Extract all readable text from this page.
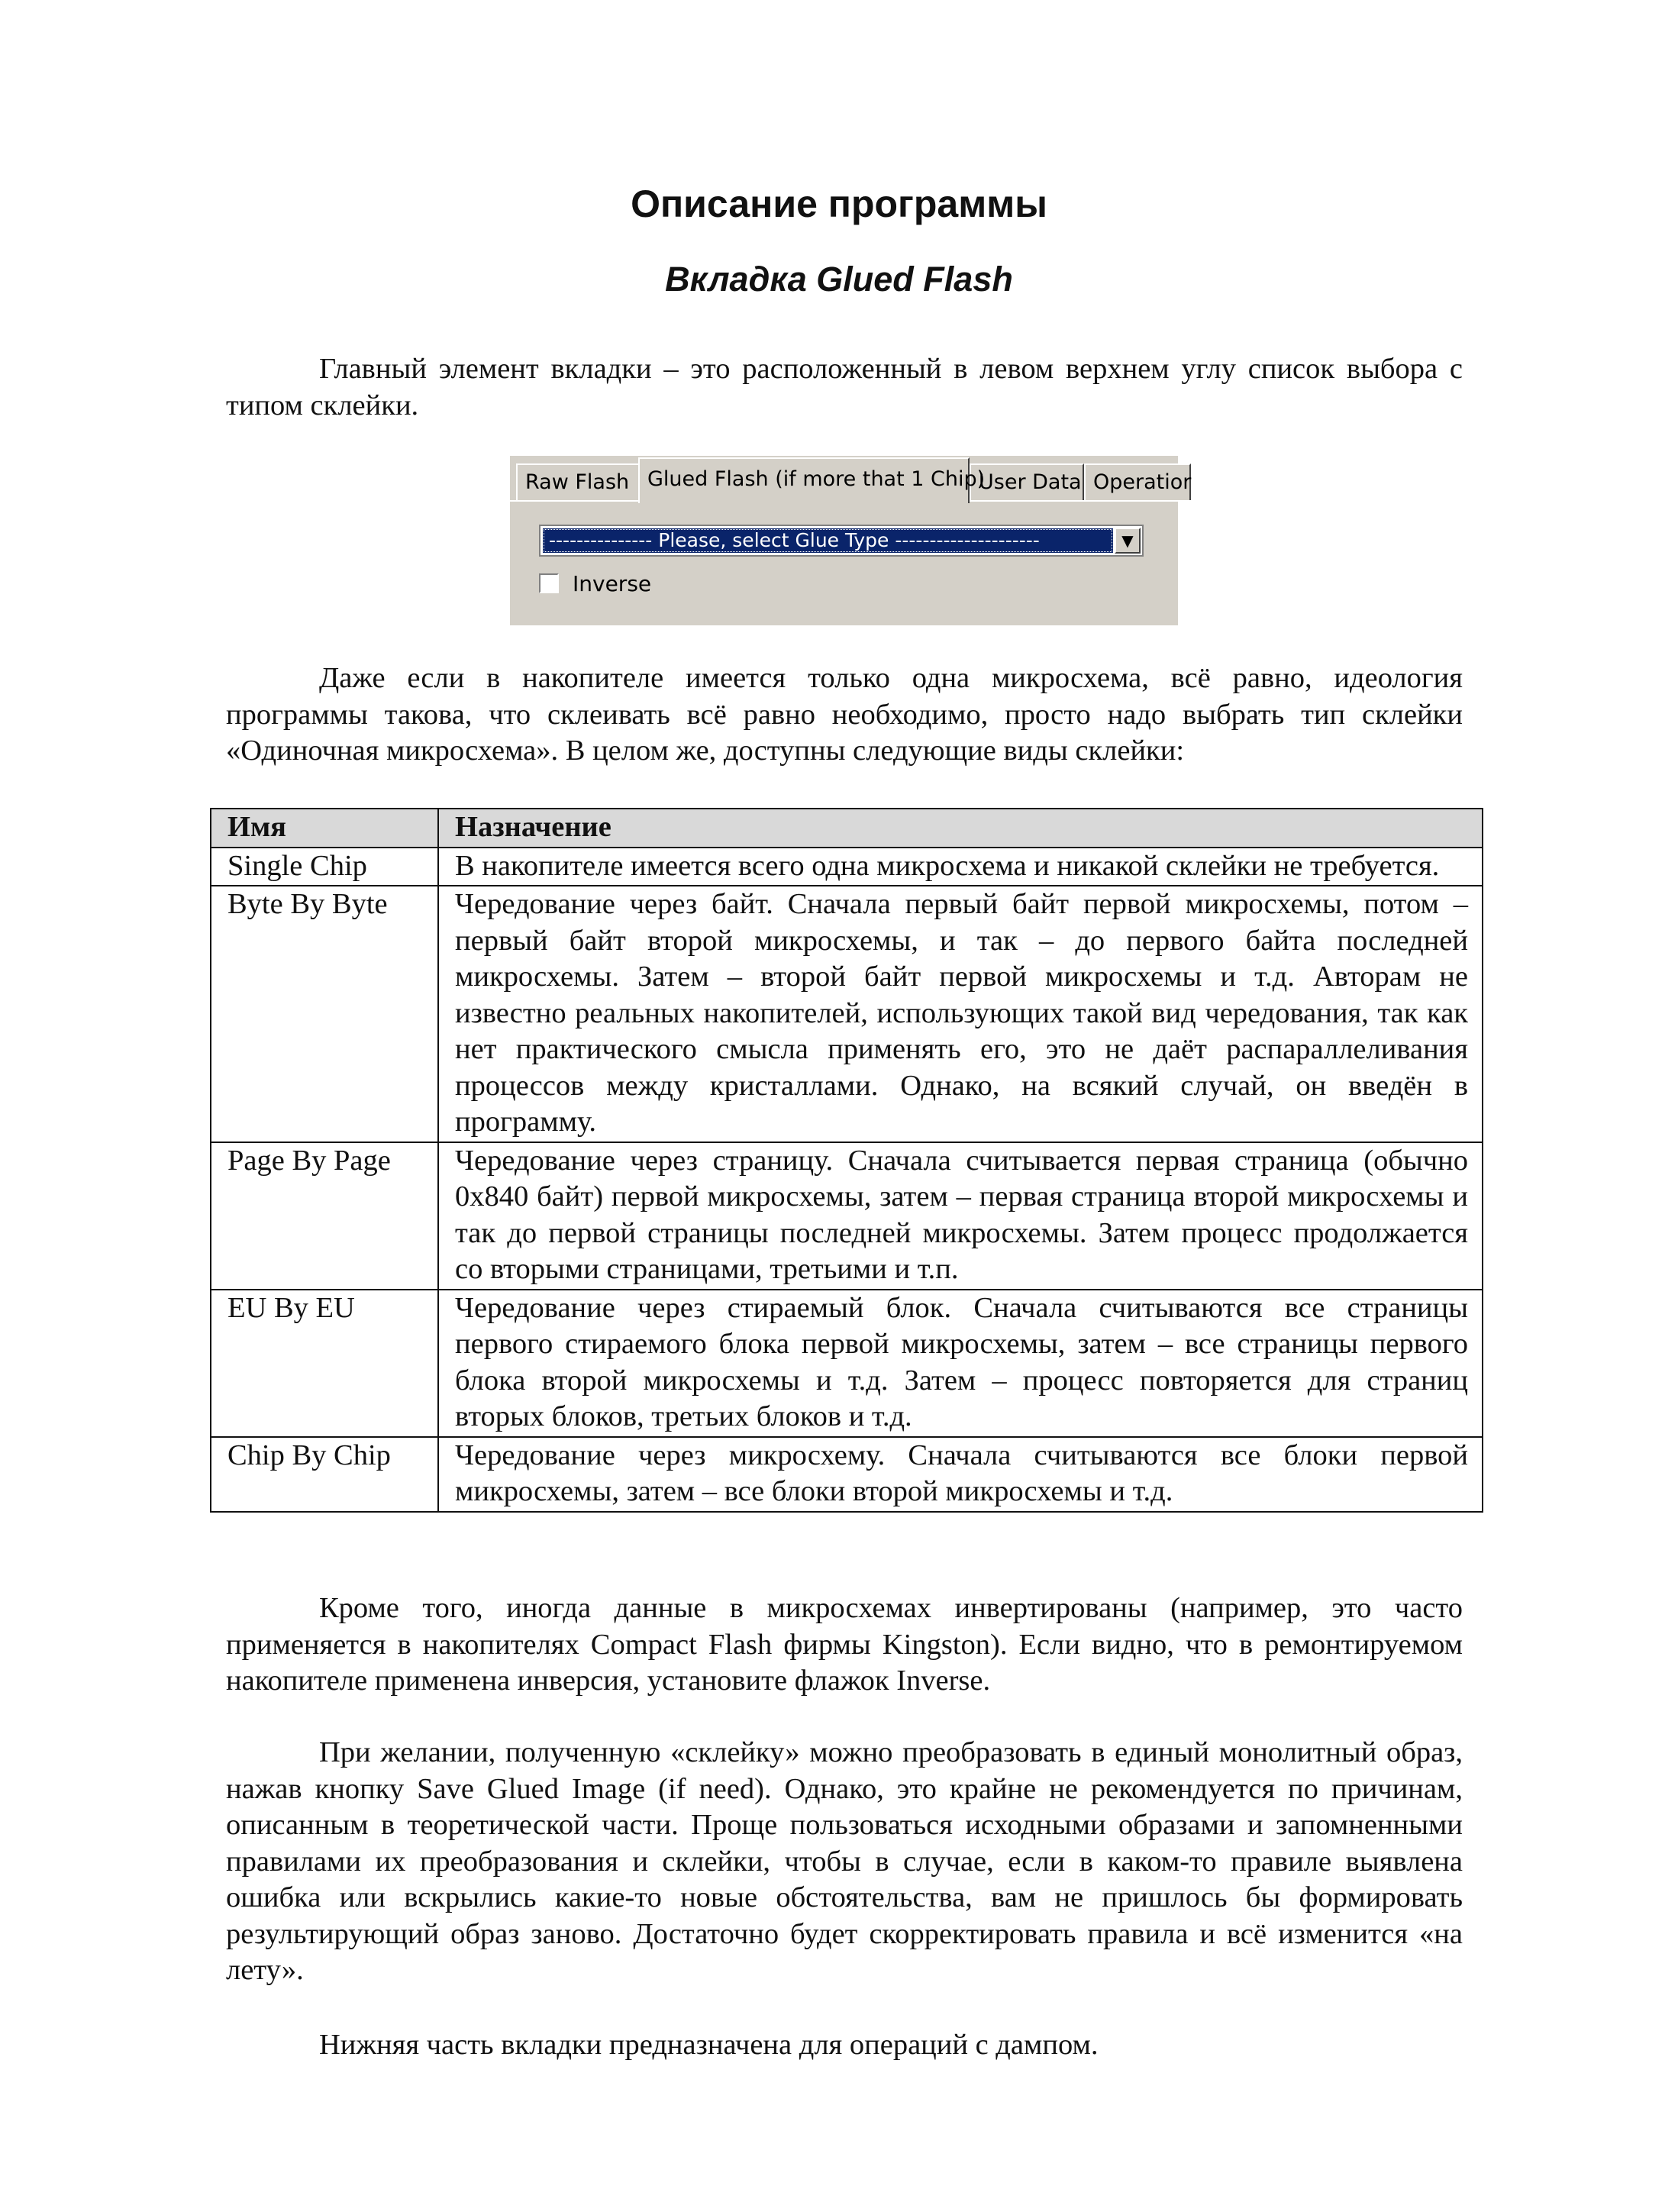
Описание программы
Вкладка Glued Flash

Главный элемент вкладки – это расположенный в левом верхнем углу список выбора с типом склейки.

Raw Flash Glued Flash (if more that 1 Chip)
User Data Operatior
--------------- Please, select Glue Type ---------------------	▼
Inverse

Даже если в накопителе имеется только одна микросхема, всё равно, идеология программы такова, что склеивать всё равно необходимо, просто надо выбрать тип склейки «Одиночная микросхема». В целом же, доступны следующие виды склейки:

Имя	Назначение
Single Chip	В накопителе имеется всего одна микросхема и никакой склейки не требуется.
Byte By Byte	Чередование через байт. Сначала первый байт первой микросхемы, потом – первый байт второй микросхемы, и так – до первого байта последней микросхемы. Затем – второй байт первой микросхемы и т.д. Авторам не известно реальных накопителей, использующих такой вид чередования, так как нет практического смысла применять его, это не даёт распараллеливания процессов между кристаллами. Однако, на всякий случай, он введён в программу.
Page By Page	Чередование через страницу. Сначала считывается первая страница (обычно 0x840 байт) первой микросхемы, затем – первая страница второй микросхемы и так до первой страницы последней микросхемы. Затем процесс продолжается со вторыми страницами, третьими и т.п.
EU By EU	Чередование через стираемый блок. Сначала считываются все страницы первого стираемого блока первой микросхемы, затем – все страницы первого блока второй микросхемы и т.д. Затем – процесс повторяется для страниц вторых блоков, третьих блоков и т.д.
Chip By Chip	Чередование через микросхему. Сначала считываются все блоки первой микросхемы, затем – все блоки второй микросхемы и т.д.

Кроме того, иногда данные в микросхемах инвертированы (например, это часто применяется в накопителях Compact Flash фирмы Kingston). Если видно, что в ремонтируемом накопителе применена инверсия, установите флажок Inverse.

При желании, полученную «склейку» можно преобразовать в единый монолитный образ, нажав кнопку Save Glued Image (if need). Однако, это крайне не рекомендуется по причинам, описанным в теоретической части. Проще пользоваться исходными образами и запомненными правилами их преобразования и склейки, чтобы в случае, если в каком-то правиле выявлена ошибка или вскрылись какие-то новые обстоятельства, вам не пришлось бы формировать результирующий образ заново. Достаточно будет скорректировать правила и всё изменится «на лету».

Нижняя часть вкладки предназначена для операций с дампом.
